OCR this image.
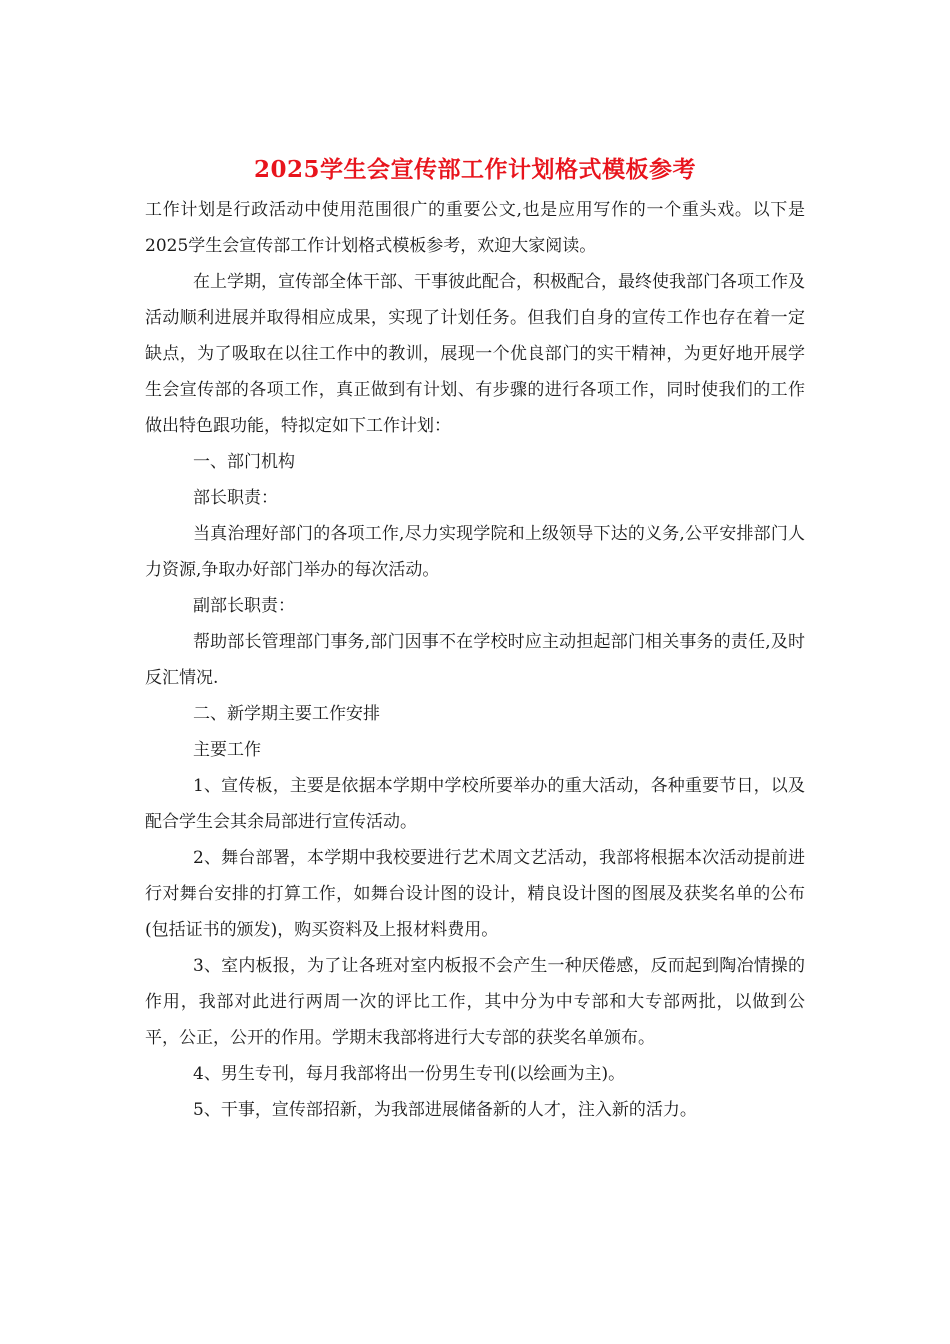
2025学生会宣传部工作计划格式模板参考

工作计划是行政活动中使用范围很广的重要公文,也是应用写作的一个重头戏。以下是2025学生会宣传部工作计划格式模板参考，欢迎大家阅读。

在上学期，宣传部全体干部、干事彼此配合，积极配合，最终使我部门各项工作及活动顺利进展并取得相应成果，实现了计划任务。但我们自身的宣传工作也存在着一定缺点，为了吸取在以往工作中的教训，展现一个优良部门的实干精神，为更好地开展学生会宣传部的各项工作，真正做到有计划、有步骤的进行各项工作，同时使我们的工作做出特色跟功能，特拟定如下工作计划：

一、部门机构

部长职责：

当真治理好部门的各项工作,尽力实现学院和上级领导下达的义务,公平安排部门人力资源,争取办好部门举办的每次活动。

副部长职责：

帮助部长管理部门事务,部门因事不在学校时应主动担起部门相关事务的责任,及时反汇情况.

二、新学期主要工作安排

主要工作

1、宣传板，主要是依据本学期中学校所要举办的重大活动，各种重要节日，以及配合学生会其余局部进行宣传活动。

2、舞台部署，本学期中我校要进行艺术周文艺活动，我部将根据本次活动提前进行对舞台安排的打算工作，如舞台设计图的设计，精良设计图的图展及获奖名单的公布(包括证书的颁发)，购买资料及上报材料费用。

3、室内板报，为了让各班对室内板报不会产生一种厌倦感，反而起到陶冶情操的作用，我部对此进行两周一次的评比工作，其中分为中专部和大专部两批，以做到公平，公正，公开的作用。学期末我部将进行大专部的获奖名单颁布。

4、男生专刊，每月我部将出一份男生专刊(以绘画为主)。

5、干事，宣传部招新，为我部进展储备新的人才，注入新的活力。
